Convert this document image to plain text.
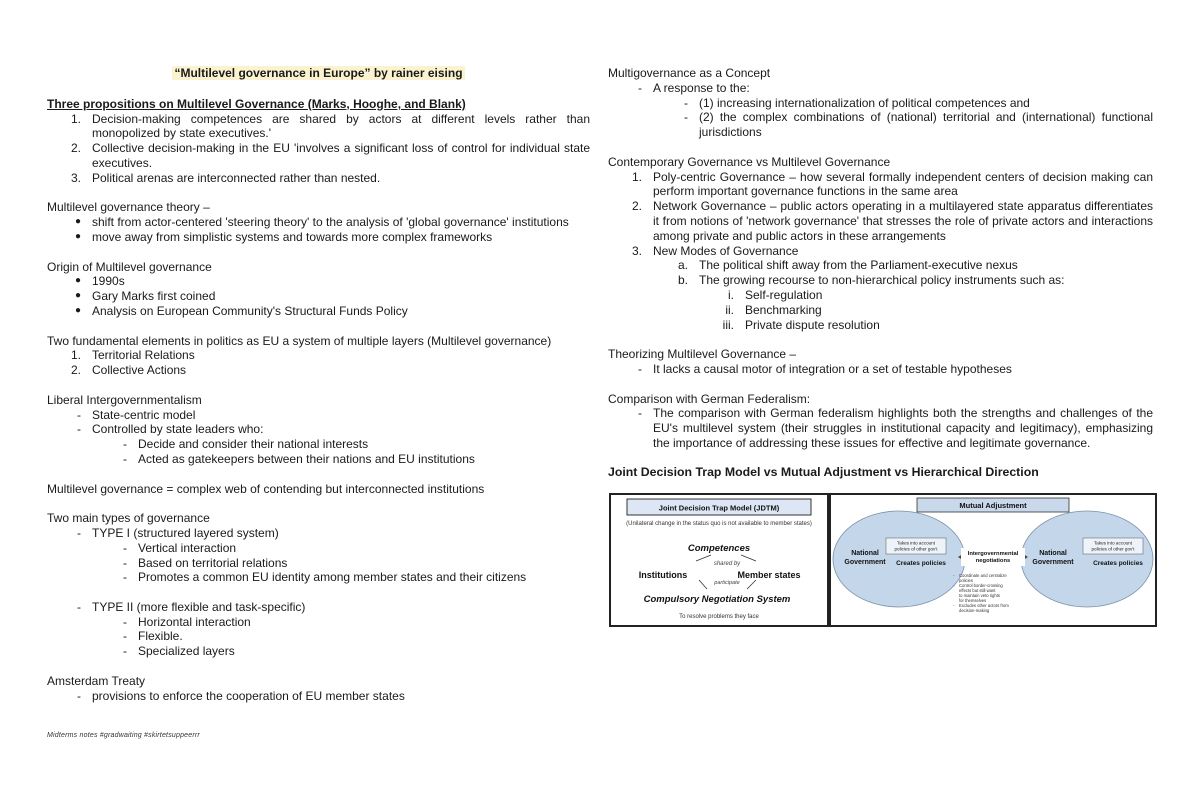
“Multilevel governance in Europe” by rainer eising
Three propositions on Multilevel Governance (Marks, Hooghe, and Blank)
1. Decision-making competences are shared by actors at different levels rather than monopolized by state executives.'
2. Collective decision-making in the EU 'involves a significant loss of control for individual state executives.
3. Political arenas are interconnected rather than nested.
Multilevel governance theory –
● shift from actor-centered 'steering theory' to the analysis of 'global governance' institutions
● move away from simplistic systems and towards more complex frameworks
Origin of Multilevel governance
● 1990s
● Gary Marks first coined
● Analysis on European Community's Structural Funds Policy
Two fundamental elements in politics as EU a system of multiple layers (Multilevel governance)
1. Territorial Relations
2. Collective Actions
Liberal Intergovernmentalism
- State-centric model
- Controlled by state leaders who:
- Decide and consider their national interests
- Acted as gatekeepers between their nations and EU institutions
Multilevel governance = complex web of contending but interconnected institutions
Two main types of governance
- TYPE I (structured layered system)
- Vertical interaction
- Based on territorial relations
- Promotes a common EU identity among member states and their citizens
- TYPE II (more flexible and task-specific)
- Horizontal interaction
- Flexible.
- Specialized layers
Amsterdam Treaty
- provisions to enforce the cooperation of EU member states
Multigovernance as a Concept
- A response to the:
- (1) increasing internationalization of political competences and
- (2) the complex combinations of (national) territorial and (international) functional jurisdictions
Contemporary Governance vs Multilevel Governance
1. Poly-centric Governance – how several formally independent centers of decision making can perform important governance functions in the same area
2. Network Governance – public actors operating in a multilayered state apparatus differentiates it from notions of 'network governance' that stresses the role of private actors and interactions among private and public actors in these arrangements
3. New Modes of Governance
a. The political shift away from the Parliament-executive nexus
b. The growing recourse to non-hierarchical policy instruments such as:
i. Self-regulation
ii. Benchmarking
iii. Private dispute resolution
Theorizing Multilevel Governance –
- It lacks a causal motor of integration or a set of testable hypotheses
Comparison with German Federalism:
- The comparison with German federalism highlights both the strengths and challenges of the EU's multilevel system (their struggles in institutional capacity and legitimacy), emphasizing the importance of addressing these issues for effective and legitimate governance.
Joint Decision Trap Model vs Mutual Adjustment vs Hierarchical Direction
Joint Decision Trap Model (JDTM)
(Unilateral change in the status quo is not available to member states)
Competences
shared by
Institutions	Member states
participate
Compulsory Negotiation System
To resolve problems they face
Mutual Adjustment
National Government
Takes into account policies of other gov't
Creates policies
National Government
Takes into account policies of other gov't
Creates policies
Intergovernmental negotiations
- Coordinate and centralize policies - Control border-crossing effects but still want to maintain veto rights for themselves - Excludes other actors from decision-making
Midterms notes #gradwaiting #skirtetsuppeerrr
